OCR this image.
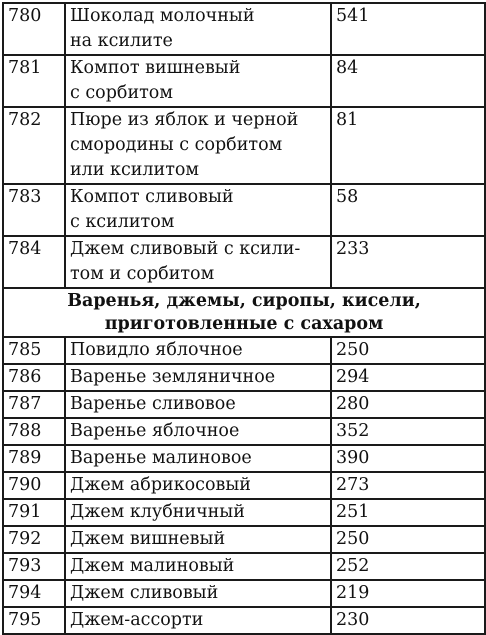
780	Шоколад молочный
на ксилите	541
781	Компот вишневый
с сорбитом	84
782	Пюре из яблок и черной
смородины с сорбитом
или ксилитом	81
783	Компот сливовый
с ксилитом	58
784	Джем сливовый с ксили-
том и сорбитом	233

Варенья, джемы, сиропы, кисели,
приготовленные с сахаром		

785	Повидло яблочное	250
786	Варенье земляничное	294
787	Варенье сливовое	280
788	Варенье яблочное	352
789	Варенье малиновое	390
790	Джем абрикосовый	273
791	Джем клубничный	251
792	Джем вишневый	250
793	Джем малиновый	252
794	Джем сливовый	219
795	Джем-ассорти	230
